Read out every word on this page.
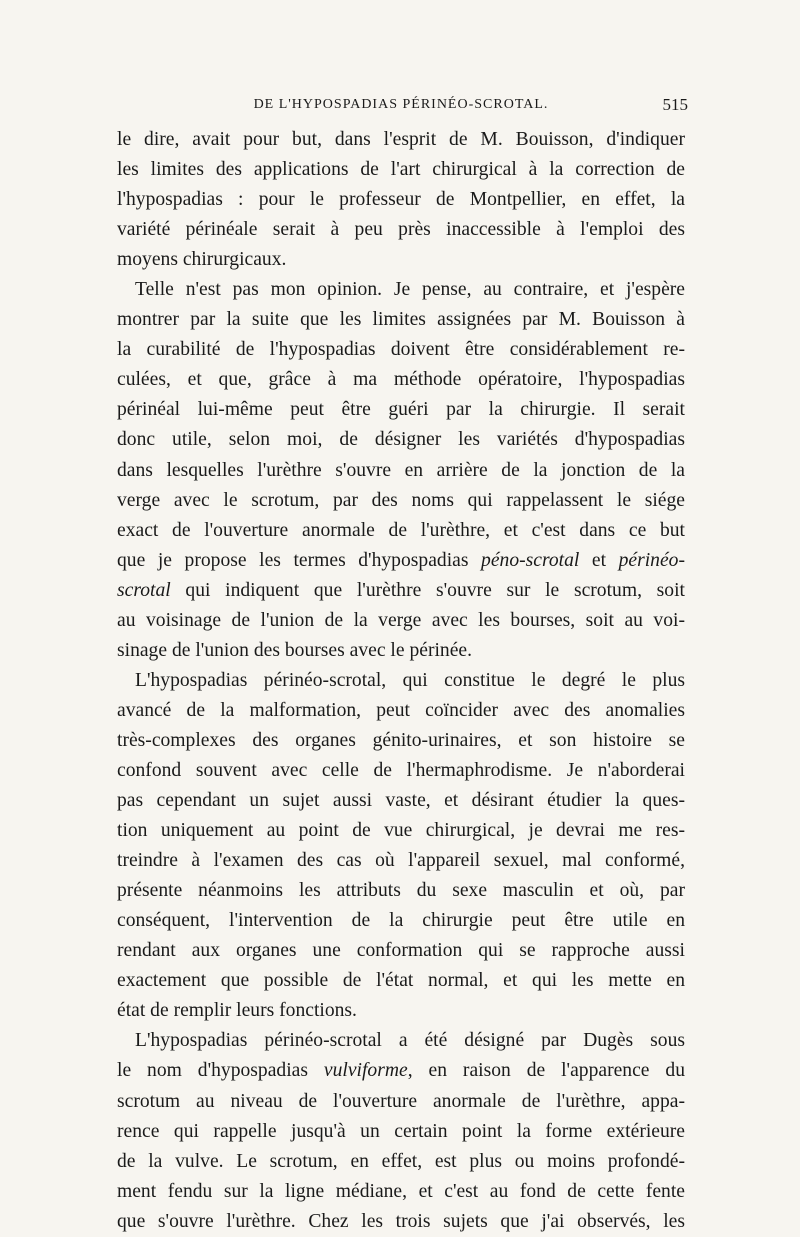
DE L'HYPOSPADIAS PÉRINÉO-SCROTAL.	515
le dire, avait pour but, dans l'esprit de M. Bouisson, d'indiquer
les limites des applications de l'art chirurgical à la correction de
l'hypospadias : pour le professeur de Montpellier, en effet, la
variété périnéale serait à peu près inaccessible à l'emploi des
moyens chirurgicaux.
Telle n'est pas mon opinion. Je pense, au contraire, et j'espère
montrer par la suite que les limites assignées par M. Bouisson à
la curabilité de l'hypospadias doivent être considérablement re-
culées, et que, grâce à ma méthode opératoire, l'hypospadias
périnéal lui-même peut être guéri par la chirurgie. Il serait
donc utile, selon moi, de désigner les variétés d'hypospadias
dans lesquelles l'urèthre s'ouvre en arrière de la jonction de la
verge avec le scrotum, par des noms qui rappelassent le siége
exact de l'ouverture anormale de l'urèthre, et c'est dans ce but
que je propose les termes d'hypospadias péno-scrotal et périnéo-
scrotal qui indiquent que l'urèthre s'ouvre sur le scrotum, soit
au voisinage de l'union de la verge avec les bourses, soit au voi-
sinage de l'union des bourses avec le périnée.
L'hypospadias périnéo-scrotal, qui constitue le degré le plus
avancé de la malformation, peut coïncider avec des anomalies
très-complexes des organes génito-urinaires, et son histoire se
confond souvent avec celle de l'hermaphrodisme. Je n'aborderai
pas cependant un sujet aussi vaste, et désirant étudier la ques-
tion uniquement au point de vue chirurgical, je devrai me res-
treindre à l'examen des cas où l'appareil sexuel, mal conformé,
présente néanmoins les attributs du sexe masculin et où, par
conséquent, l'intervention de la chirurgie peut être utile en
rendant aux organes une conformation qui se rapproche aussi
exactement que possible de l'état normal, et qui les mette en
état de remplir leurs fonctions.
L'hypospadias périnéo-scrotal a été désigné par Dugès sous
le nom d'hypospadias vulviforme, en raison de l'apparence du
scrotum au niveau de l'ouverture anormale de l'urèthre, appa-
rence qui rappelle jusqu'à un certain point la forme extérieure
de la vulve. Le scrotum, en effet, est plus ou moins profondé-
ment fendu sur la ligne médiane, et c'est au fond de cette fente
que s'ouvre l'urèthre. Chez les trois sujets que j'ai observés, les
